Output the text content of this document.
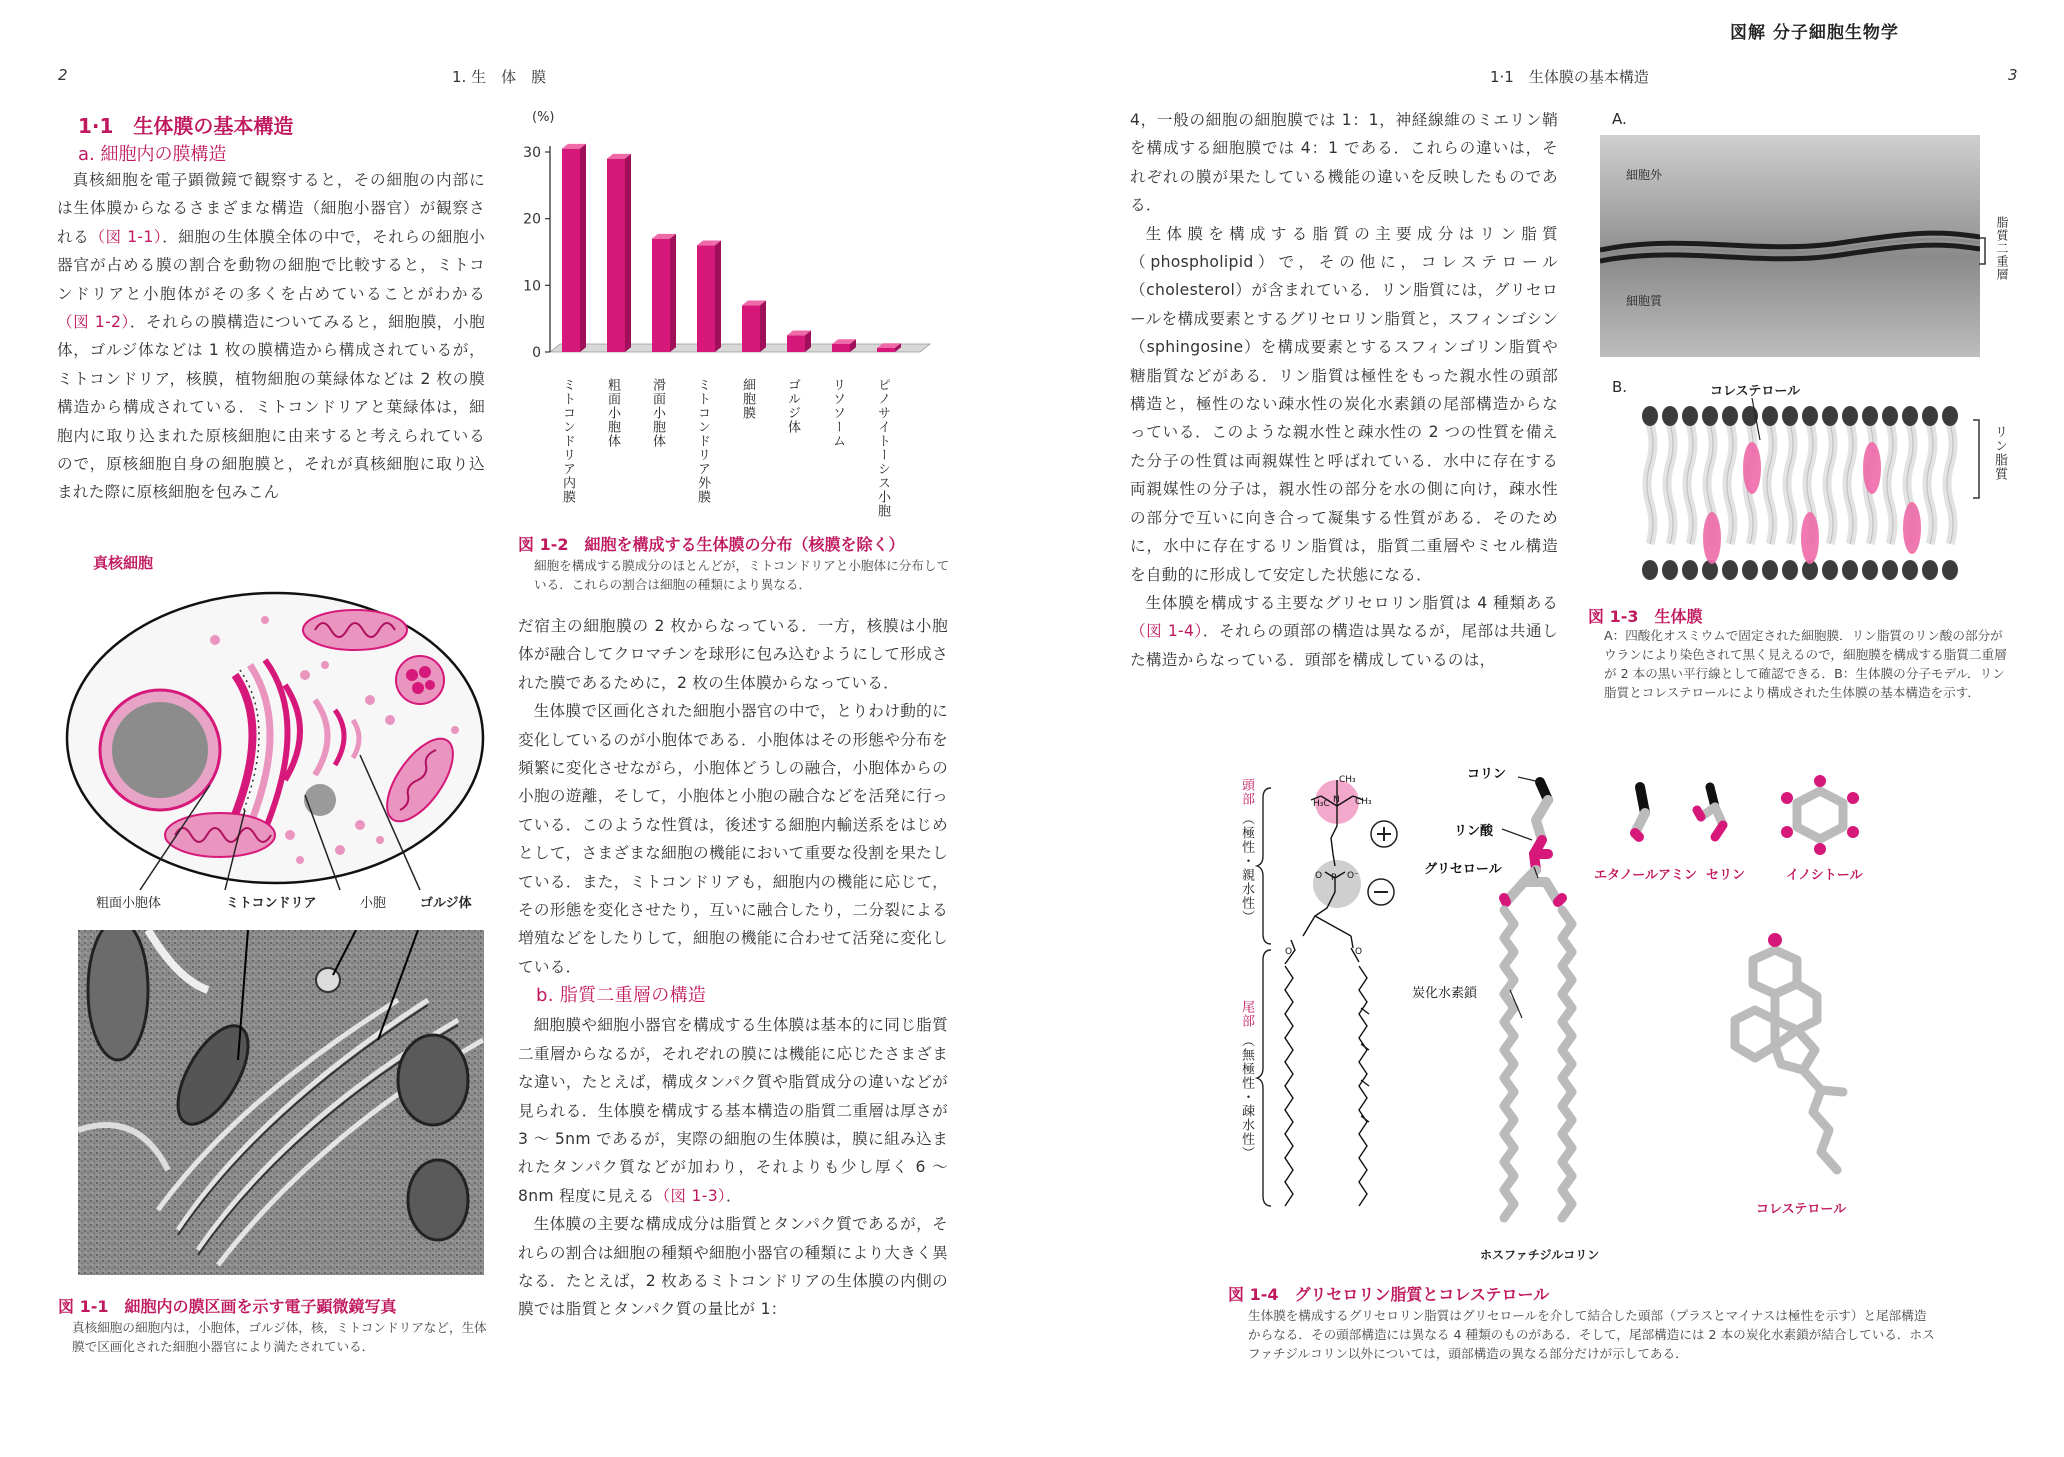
図解 分子細胞生物学
2	1. 生　体　膜	1·1　生体膜の基本構造	3
1·1　生体膜の基本構造
a. 細胞内の膜構造

真核細胞を電子顕微鏡で観察すると，その細胞の内部には生体膜からなるさまざまな構造（細胞小器官）が観察される（図 1-1）．細胞の生体膜全体の中で，それらの細胞小器官が占める膜の割合を動物の細胞で比較すると，ミトコンドリアと小胞体がその多くを占めていることがわかる（図 1-2）．それらの膜構造についてみると，細胞膜，小胞体，ゴルジ体などは 1 枚の膜構造から構成されているが，ミトコンドリア，核膜，植物細胞の葉緑体などは 2 枚の膜構造から構成されている．ミトコンドリアと葉緑体は，細胞内に取り込まれた原核細胞に由来すると考えられているので，原核細胞自身の細胞膜と，それが真核細胞に取り込まれた際に原核細胞を包みこん

真核細胞
粗面小胞体	ミトコンドリア	小胞	ゴルジ体
図 1-1　細胞内の膜区画を示す電子顕微鏡写真
真核細胞の細胞内は，小胞体，ゴルジ体，核，ミトコンドリアなど，生体膜で区画化された細胞小器官により満たされている．
(%)
0
10
20
30
ミトコンドリア内膜 粗面小胞体 滑面小胞体 ミトコンドリア外膜 細胞膜 ゴルジ体 リソソーム ピノサイトーシス小胞
図 1-2　細胞を構成する生体膜の分布（核膜を除く）
細胞を構成する膜成分のほとんどが，ミトコンドリアと小胞体に分布している．これらの割合は細胞の種類により異なる．

だ宿主の細胞膜の 2 枚からなっている．一方，核膜は小胞体が融合してクロマチンを球形に包み込むようにして形成された膜であるために，2 枚の生体膜からなっている．

生体膜で区画化された細胞小器官の中で，とりわけ動的に変化しているのが小胞体である．小胞体はその形態や分布を頻繁に変化させながら，小胞体どうしの融合，小胞体からの小胞の遊離，そして，小胞体と小胞の融合などを活発に行っている．このような性質は，後述する細胞内輸送系をはじめとして，さまざまな細胞の機能において重要な役割を果たしている．また，ミトコンドリアも，細胞内の機能に応じて，その形態を変化させたり，互いに融合したり，二分裂による増殖などをしたりして，細胞の機能に合わせて活発に変化している．

b. 脂質二重層の構造

細胞膜や細胞小器官を構成する生体膜は基本的に同じ脂質二重層からなるが，それぞれの膜には機能に応じたさまざまな違い，たとえば，構成タンパク質や脂質成分の違いなどが見られる．生体膜を構成する基本構造の脂質二重層は厚さが 3 〜 5nm であるが，実際の細胞の生体膜は，膜に組み込まれたタンパク質などが加わり，それよりも少し厚く 6 〜 8nm 程度に見える（図 1-3）．

生体膜の主要な構成成分は脂質とタンパク質であるが，それらの割合は細胞の種類や細胞小器官の種類により大きく異なる．たとえば，2 枚あるミトコンドリアの生体膜の内側の膜では脂質とタンパク質の量比が 1：

4，一般の細胞の細胞膜では 1：1，神経線維のミエリン鞘を構成する細胞膜では 4：1 である．これらの違いは，それぞれの膜が果たしている機能の違いを反映したものである．

生体膜を構成する脂質の主要成分はリン脂質（phospholipid）で，その他に，コレステロール（cholesterol）が含まれている．リン脂質には，グリセロールを構成要素とするグリセロリン脂質と，スフィンゴシン（sphingosine）を構成要素とするスフィンゴリン脂質や糖脂質などがある．リン脂質は極性をもった親水性の頭部構造と，極性のない疎水性の炭化水素鎖の尾部構造からなっている．このような親水性と疎水性の 2 つの性質を備えた分子の性質は両親媒性と呼ばれている．水中に存在する両親媒性の分子は，親水性の部分を水の側に向け，疎水性の部分で互いに向き合って凝集する性質がある．そのために，水中に存在するリン脂質は，脂質二重層やミセル構造を自動的に形成して安定した状態になる．

生体膜を構成する主要なグリセロリン脂質は 4 種類ある（図 1-4）．それらの頭部の構造は異なるが，尾部は共通した構造からなっている．頭部を構成しているのは，

A.
細胞外
細胞質
脂質二重層
B.	コレステロール
リン脂質
図 1-3　生体膜
A：四酸化オスミウムで固定された細胞膜．リン脂質のリン酸の部分がウランにより染色されて黒く見えるので，細胞膜を構成する脂質二重層が 2 本の黒い平行線として確認できる．B：生体膜の分子モデル．リン脂質とコレステロールにより構成された生体膜の基本構造を示す．
頭部
（極性・親水性）
尾部
（無極性・疎水性）
H₃C N
CH₃
CH₃
P
O	O⁻
O	O
コリン
リン酸
グリセロール
炭化水素鎖
エタノールアミン セリン	イノシトール
コレステロール
ホスファチジルコリン
図 1-4　グリセロリン脂質とコレステロール
生体膜を構成するグリセロリン脂質はグリセロールを介して結合した頭部（プラスとマイナスは極性を示す）と尾部構造からなる．その頭部構造には異なる 4 種類のものがある．そして，尾部構造には 2 本の炭化水素鎖が結合している．ホスファチジルコリン以外については，頭部構造の異なる部分だけが示してある．
